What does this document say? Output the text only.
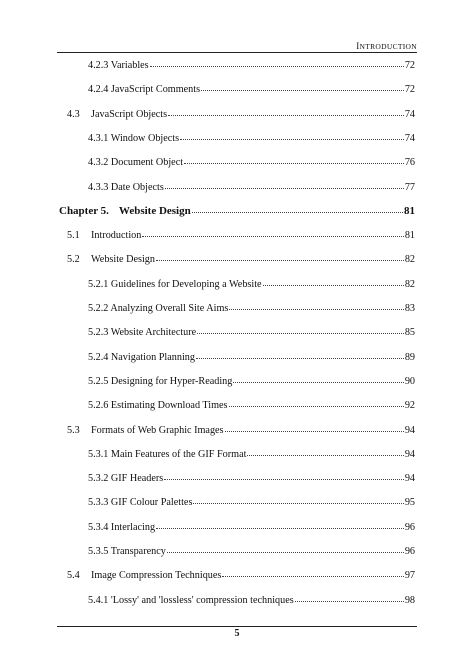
INTRODUCTION
4.2.3 Variables	72
4.2.4 JavaScript Comments	72
4.3 JavaScript Objects	74
4.3.1 Window Objects	74
4.3.2 Document Object	76
4.3.3 Date Objects	77
Chapter 5. Website Design	81
5.1 Introduction	81
5.2 Website Design	82
5.2.1 Guidelines for Developing a Website	82
5.2.2 Analyzing Overall Site Aims	83
5.2.3 Website Architecture	85
5.2.4 Navigation Planning	89
5.2.5 Designing for Hyper-Reading	90
5.2.6 Estimating Download Times	92
5.3 Formats of Web Graphic Images	94
5.3.1 Main Features of the GIF Format	94
5.3.2 GIF Headers	94
5.3.3 GIF Colour Palettes	95
5.3.4 Interlacing	96
5.3.5 Transparency	96
5.4 Image Compression Techniques	97
5.4.1 'Lossy' and 'lossless' compression techniques	98
5
